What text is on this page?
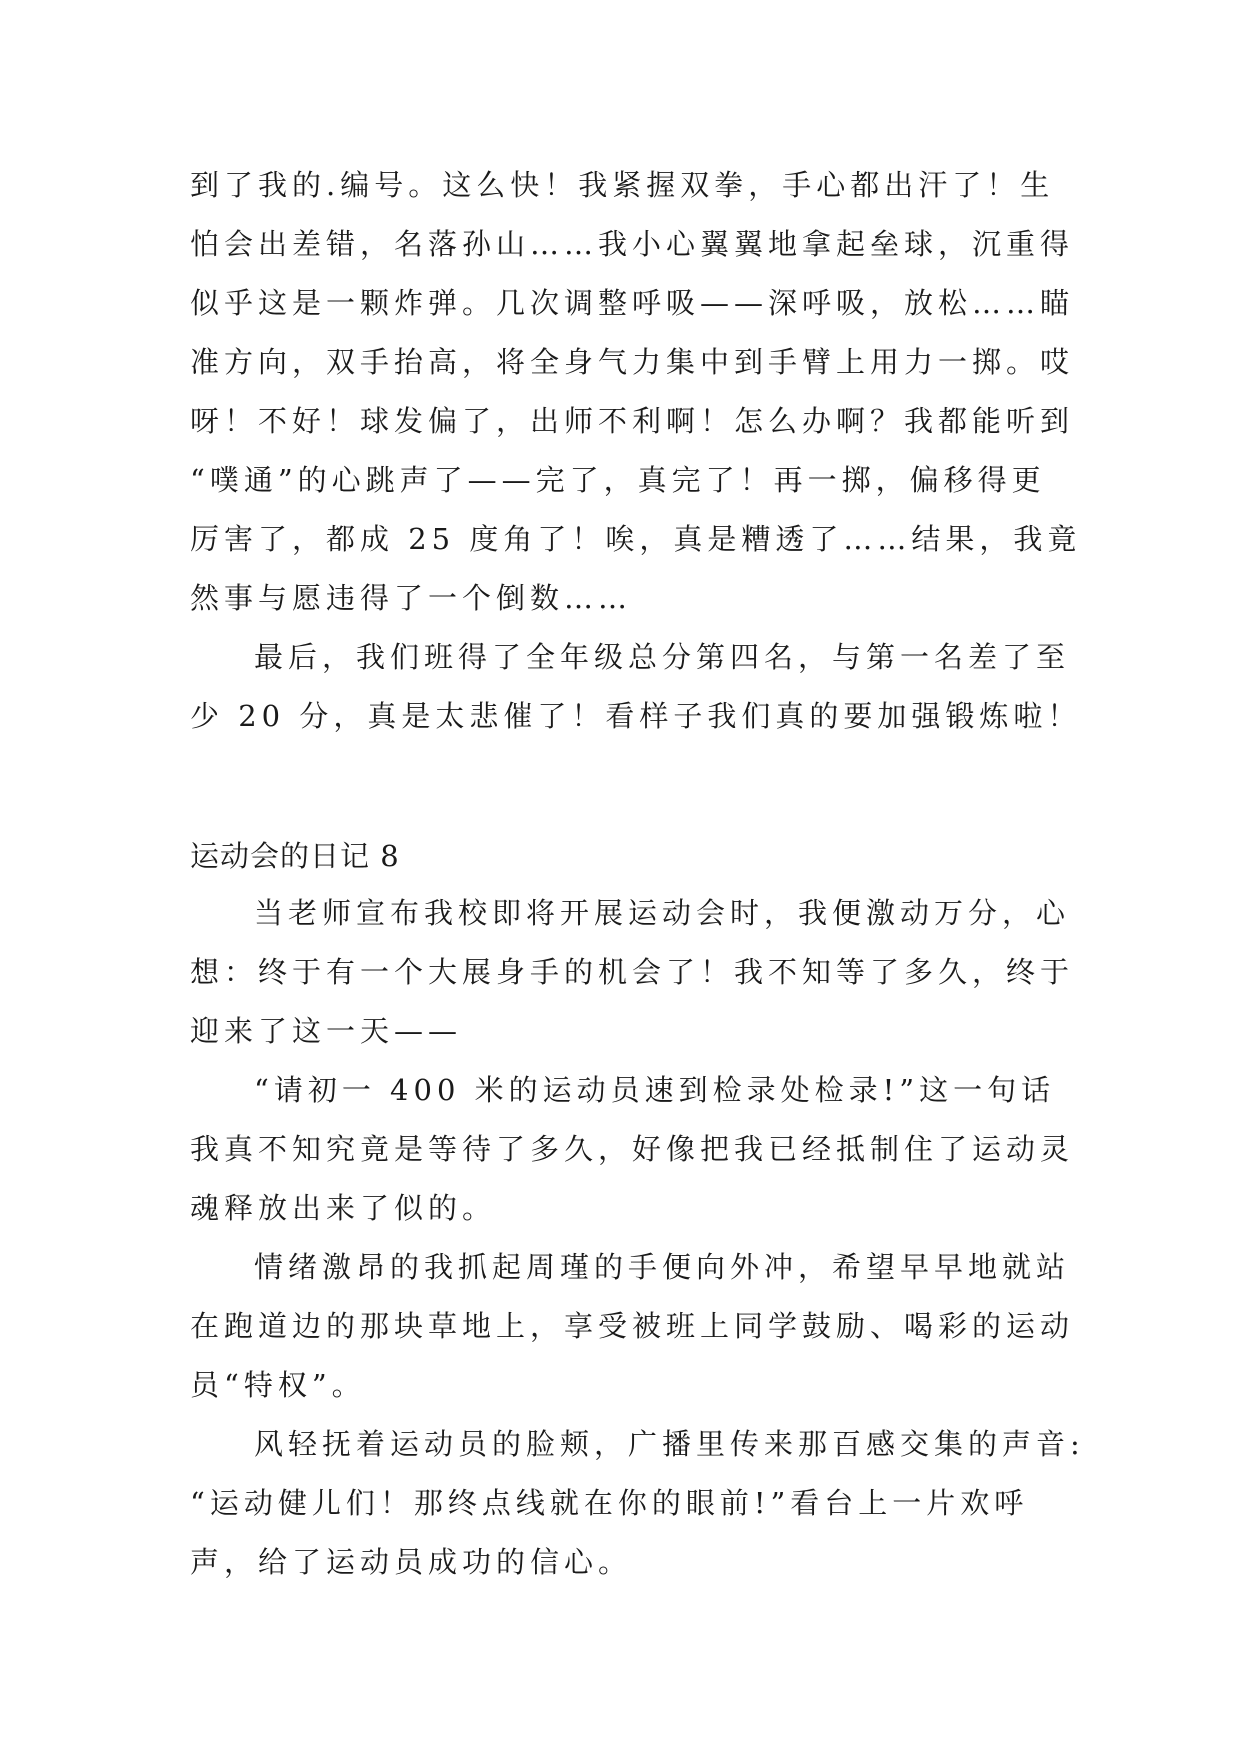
到了我的.编号。这么快！我紧握双拳，手心都出汗了！生
怕会出差错，名落孙山……我小心翼翼地拿起垒球，沉重得
似乎这是一颗炸弹。几次调整呼吸——深呼吸，放松……瞄
准方向，双手抬高，将全身气力集中到手臂上用力一掷。哎
呀！不好！球发偏了，出师不利啊！怎么办啊？我都能听到
“噗通”的心跳声了——完了，真完了！再一掷，偏移得更
厉害了，都成 25 度角了！唉，真是糟透了……结果，我竟
然事与愿违得了一个倒数……
最后，我们班得了全年级总分第四名，与第一名差了至
少 20 分，真是太悲催了！看样子我们真的要加强锻炼啦！
运动会的日记 8
当老师宣布我校即将开展运动会时，我便激动万分，心
想：终于有一个大展身手的机会了！我不知等了多久，终于
迎来了这一天——
“请初一 400 米的运动员速到检录处检录!”这一句话
我真不知究竟是等待了多久，好像把我已经抵制住了运动灵
魂释放出来了似的。
情绪激昂的我抓起周瑾的手便向外冲，希望早早地就站
在跑道边的那块草地上，享受被班上同学鼓励、喝彩的运动
员“特权”。
风轻抚着运动员的脸颊，广播里传来那百感交集的声音:
“运动健儿们！那终点线就在你的眼前!”看台上一片欢呼
声，给了运动员成功的信心。
